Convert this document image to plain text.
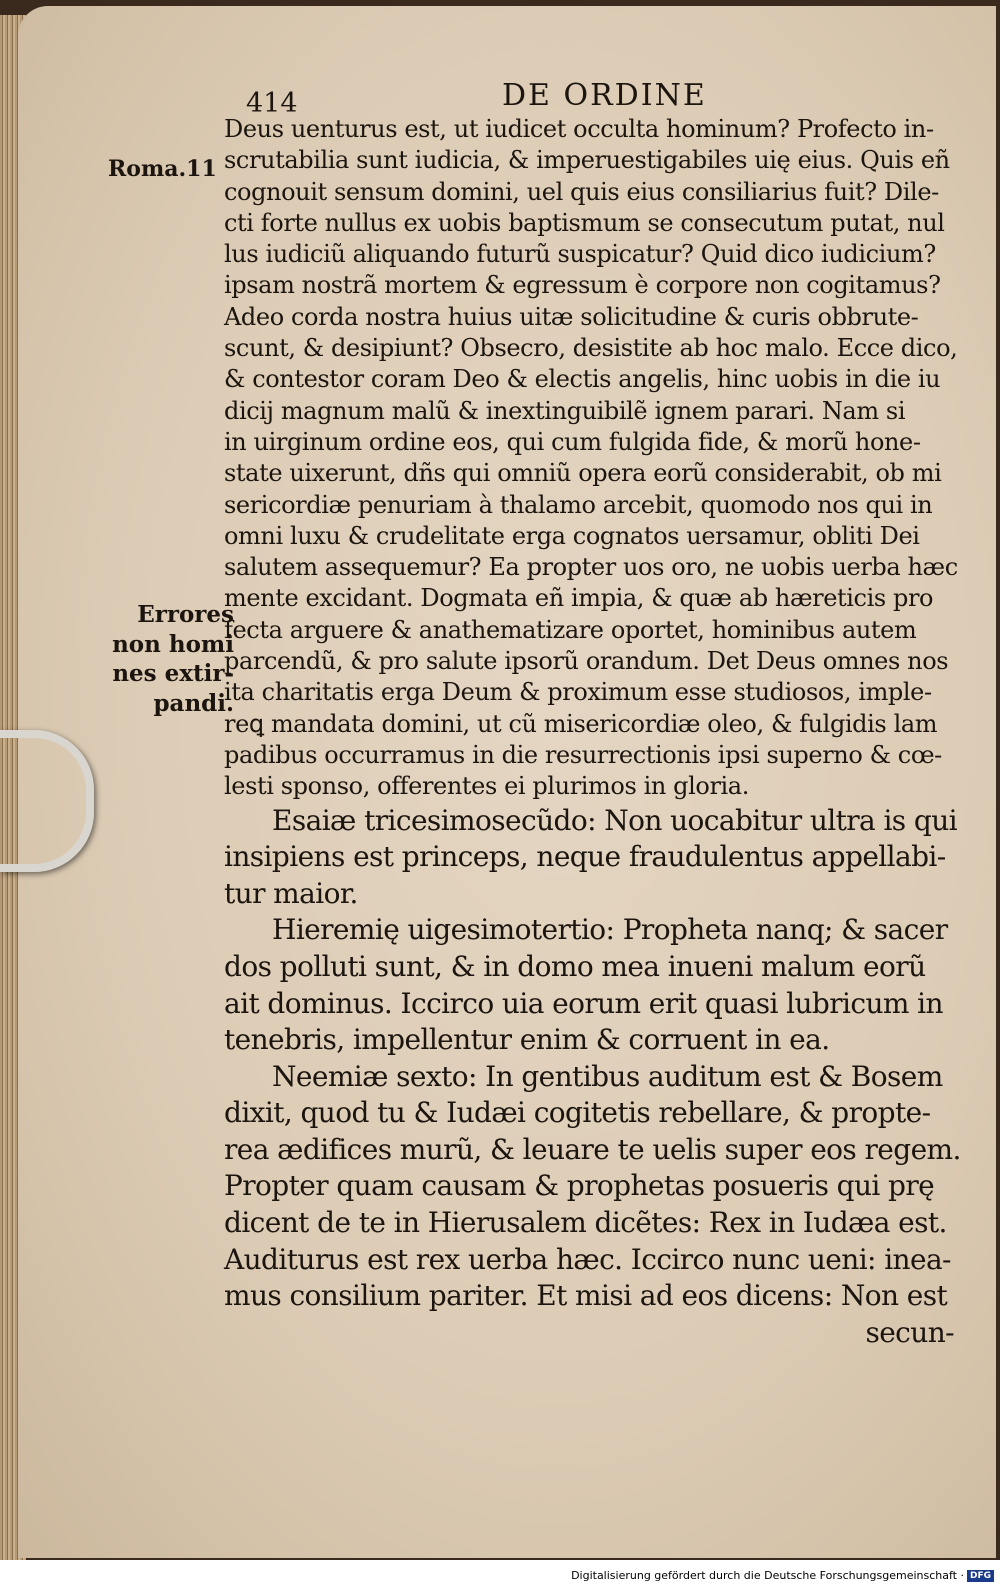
414	DE ORDINE
Roma.11
Errores
non homi
nes extir-
pandi.
Deus uenturus est, ut iudicet occulta hominum? Profecto in-
scrutabilia sunt iudicia, & imperuestigabiles uię eius. Quis eñ
cognouit sensum domini, uel quis eius consiliarius fuit? Dile-
cti forte nullus ex uobis baptismum se consecutum putat, nul
lus iudiciũ aliquando futurũ suspicatur? Quid dico iudicium?
ipsam nostrã mortem & egressum è corpore non cogitamus?
Adeo corda nostra huius uitæ solicitudine & curis obbrute-
scunt, & desipiunt? Obsecro, desistite ab hoc malo. Ecce dico,
& contestor coram Deo & electis angelis, hinc uobis in die iu
dicij magnum malũ & inextinguibilẽ ignem parari. Nam si
in uirginum ordine eos, qui cum fulgida fide, & morũ hone-
state uixerunt, dñs qui omniũ opera eorũ considerabit, ob mi
sericordiæ penuriam à thalamo arcebit, quomodo nos qui in
omni luxu & crudelitate erga cognatos uersamur, obliti Dei
salutem assequemur? Ea propter uos oro, ne uobis uerba hæc
mente excidant. Dogmata eñ impia, & quæ ab hæreticis pro
fecta arguere & anathematizare oportet, hominibus autem
parcendũ, & pro salute ipsorũ orandum. Det Deus omnes nos
ita charitatis erga Deum & proximum esse studiosos, imple-
reꝗ mandata domini, ut cũ misericordiæ oleo, & fulgidis lam
padibus occurramus in die resurrectionis ipsi superno & cœ-
lesti sponso, offerentes ei plurimos in gloria.
Esaiæ tricesimosecũdo: Non uocabitur ultra is qui
insipiens est princeps, neque fraudulentus appellabi-
tur maior.
Hieremię uigesimotertio: Propheta nanq; & sacer
dos polluti sunt, & in domo mea inueni malum eorũ
ait dominus. Iccirco uia eorum erit quasi lubricum in
tenebris, impellentur enim & corruent in ea.
Neemiæ sexto: In gentibus auditum est & Bosem
dixit, quod tu & Iudæi cogitetis rebellare, & propte-
rea ædifices murũ, & leuare te uelis super eos regem.
Propter quam causam & prophetas posueris qui prę
dicent de te in Hierusalem dicẽtes: Rex in Iudæa est.
Auditurus est rex uerba hæc. Iccirco nunc ueni: inea-
mus consilium pariter. Et misi ad eos dicens: Non est
secun-
Digitalisierung gefördert durch die Deutsche Forschungsgemeinschaft · DFG
